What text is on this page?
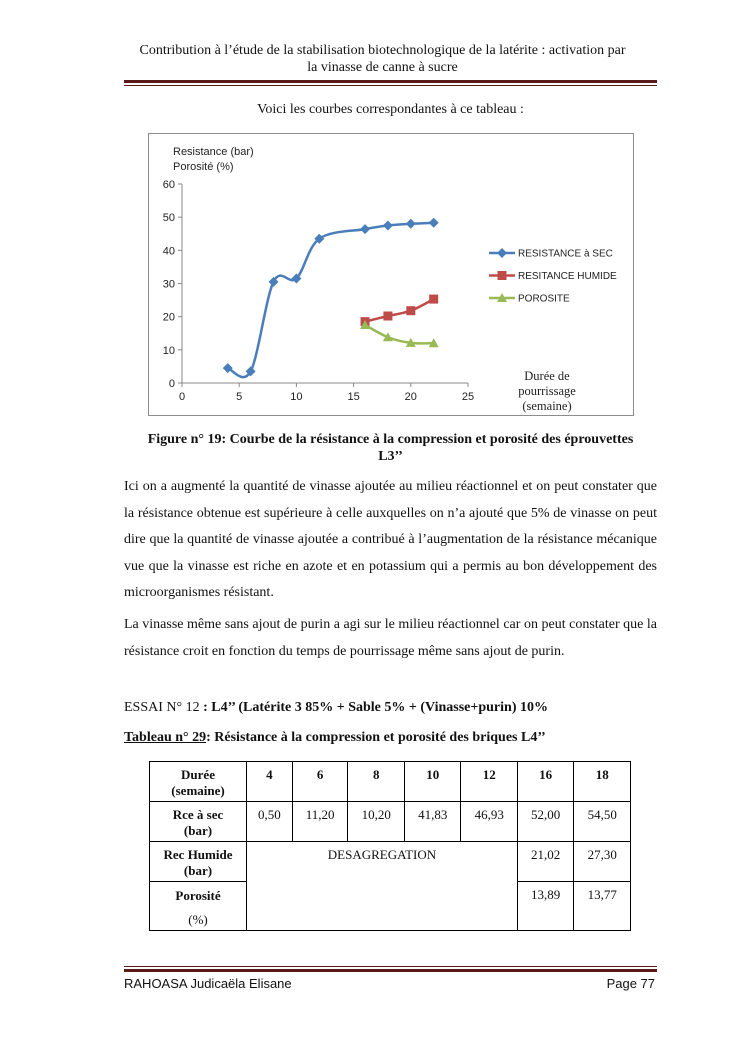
Contribution à l’étude de la stabilisation biotechnologique de la latérite : activation par
la vinasse de canne à sucre
Voici les courbes correspondantes à ce tableau :
Resistance (bar)
Porosité (%)
0
10
20
30
40
50
60
0	5	10	15	20	25
RESISTANCE à SEC
RESITANCE HUMIDE
POROSITE
Durée de
pourrissage
(semaine)
Figure n° 19: Courbe de la résistance à la compression et porosité des éprouvettes
L3’’
Ici on a augmenté la quantité de vinasse ajoutée au milieu réactionnel et on peut constater que la résistance obtenue est supérieure à celle auxquelles on n’a ajouté que 5% de vinasse on peut dire que la quantité de vinasse ajoutée a contribué à l’augmentation de la résistance mécanique vue que la vinasse est riche en azote et en potassium qui a permis au bon développement des microorganismes résistant.
La vinasse même sans ajout de purin a agi sur le milieu réactionnel car on peut constater que la résistance croit en fonction du temps de pourrissage même sans ajout de purin.
ESSAI N° 12 : L4’’ (Latérite 3 85% + Sable 5% + (Vinasse+purin) 10%
Tableau n° 29: Résistance à la compression et porosité des briques L4’’
Durée
(semaine)	4	6	8	10	12	16	18

Rce à sec
(bar)	0,50	11,20	10,20	41,83	46,93	52,00	54,50

Rec Humide
(bar)	DESAGREGATION					21,02	27,30

Porosité
(%)						13,89	13,77
RAHOASA Judicaëla Elisane	Page 77
